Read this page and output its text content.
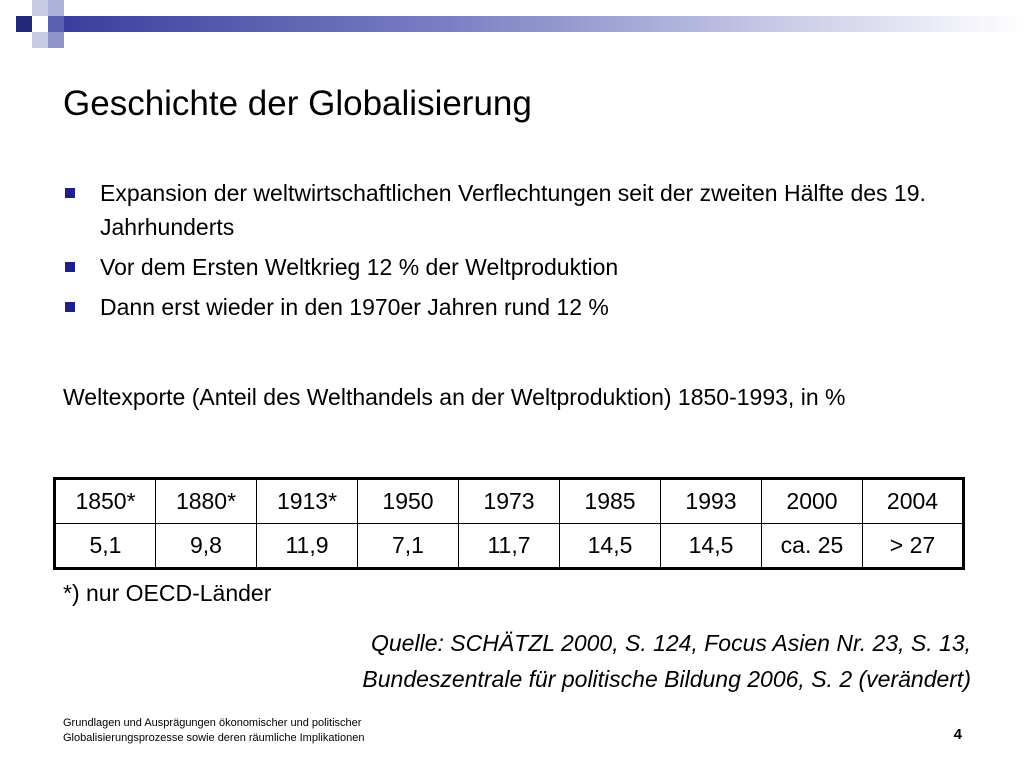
Geschichte der Globalisierung
Expansion der weltwirtschaftlichen Verflechtungen seit der zweiten Hälfte des 19. Jahrhunderts
Vor dem Ersten Weltkrieg 12 % der Weltproduktion
Dann erst wieder in den 1970er Jahren rund 12 %

Weltexporte (Anteil des Welthandels an der Weltproduktion) 1850-1993, in %

1850*	1880*	1913*	1950	1973	1985	1993	2000	2004
5,1	9,8	11,9	7,1	11,7	14,5	14,5	ca. 25	> 27

*) nur OECD-Länder

Quelle: SCHÄTZL 2000, S. 124, Focus Asien Nr. 23, S. 13,
Bundeszentrale für politische Bildung 2006, S. 2 (verändert)

Grundlagen und Ausprägungen ökonomischer und politischer
Globalisierungsprozesse sowie deren räumliche Implikationen	4
